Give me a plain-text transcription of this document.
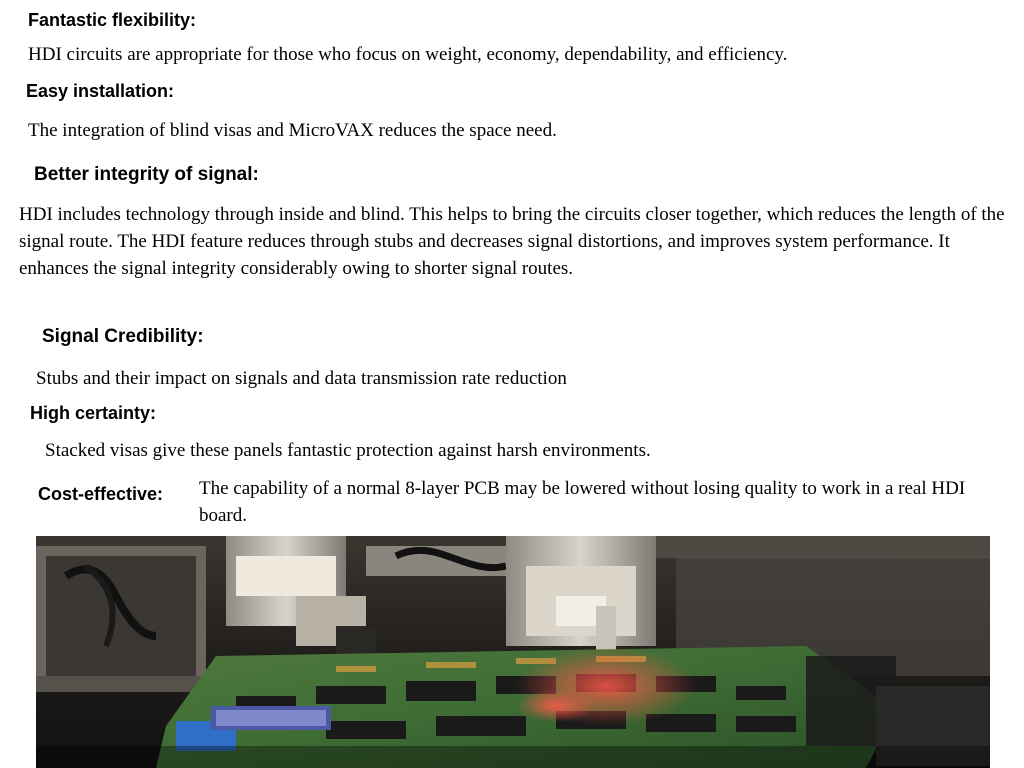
Fantastic flexibility:

HDI circuits are appropriate for those who focus on weight, economy, dependability, and efficiency.

Easy installation:

The integration of blind visas and MicroVAX reduces the space need.

Better integrity of signal:

HDI includes technology through inside and blind. This helps to bring the circuits closer together, which reduces the length of the signal route. The HDI feature reduces through stubs and decreases signal distortions, and improves system performance. It enhances the signal integrity considerably owing to shorter signal routes.

Signal Credibility:

Stubs and their impact on signals and data transmission rate reduction

High certainty:

Stacked visas give these panels fantastic protection against harsh environments.

Cost-effective: The capability of a normal 8-layer PCB may be lowered without losing quality to work in a real HDI board.
